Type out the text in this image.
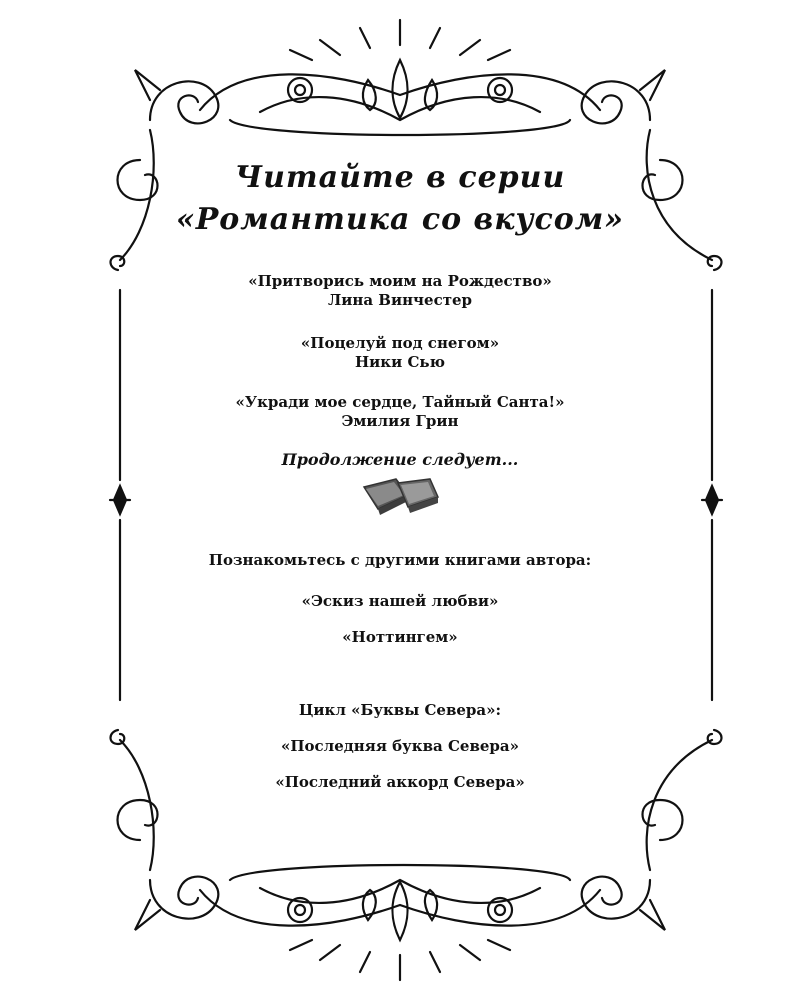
Читайте в серии
«Романтика со вкусом»
«Притворись моим на Рождество»
Лина Винчестер
«Поцелуй под снегом»
Ники Сью
«Укради мое сердце, Тайный Санта!»
Эмилия Грин
Продолжение следует...
Познакомьтесь с другими книгами автора:
«Эскиз нашей любви»
«Ноттингем»
Цикл «Буквы Севера»:
«Последняя буква Севера»
«Последний аккорд Севера»
